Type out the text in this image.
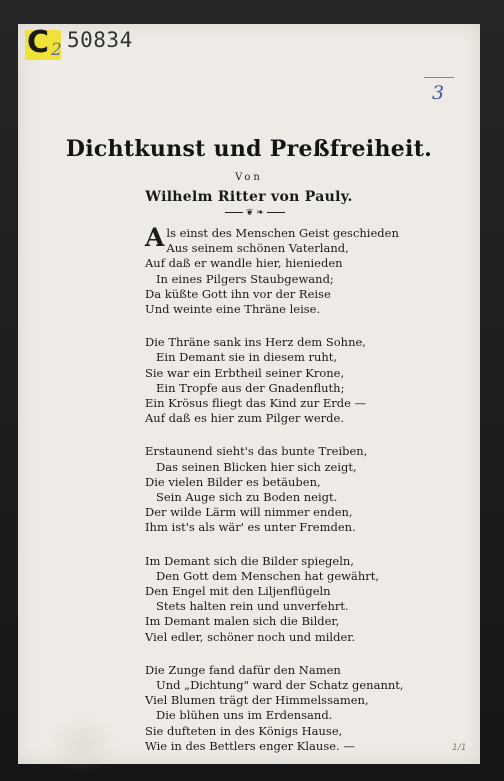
C 2 50834
3
Dichtkunst und Preßfreiheit.
Von
Wilhelm Ritter von Pauly.
❦ ❧
A ls einst des Menschen Geist geschieden
Aus seinem schönen Vaterland,
Auf daß er wandle hier, hienieden
In eines Pilgers Staubgewand;
Da küßte Gott ihn vor der Reise
Und weinte eine Thräne leise.
Die Thräne sank ins Herz dem Sohne,
Ein Demant sie in diesem ruht,
Sie war ein Erbtheil seiner Krone,
Ein Tropfe aus der Gnadenfluth;
Ein Krösus fliegt das Kind zur Erde —
Auf daß es hier zum Pilger werde.
Erstaunend sieht's das bunte Treiben,
Das seinen Blicken hier sich zeigt,
Die vielen Bilder es betäuben,
Sein Auge sich zu Boden neigt.
Der wilde Lärm will nimmer enden,
Ihm ist's als wär' es unter Fremden.
Im Demant sich die Bilder spiegeln,
Den Gott dem Menschen hat gewährt,
Den Engel mit den Liljenflügeln
Stets halten rein und unverfehrt.
Im Demant malen sich die Bilder,
Viel edler, schöner noch und milder.
Die Zunge fand dafür den Namen
Und „Dichtung" ward der Schatz genannt,
Viel Blumen trägt der Himmelssamen,
Die blühen uns im Erdensand.
Sie dufteten in des Königs Hause,
Wie in des Bettlers enger Klause. —	1/1
